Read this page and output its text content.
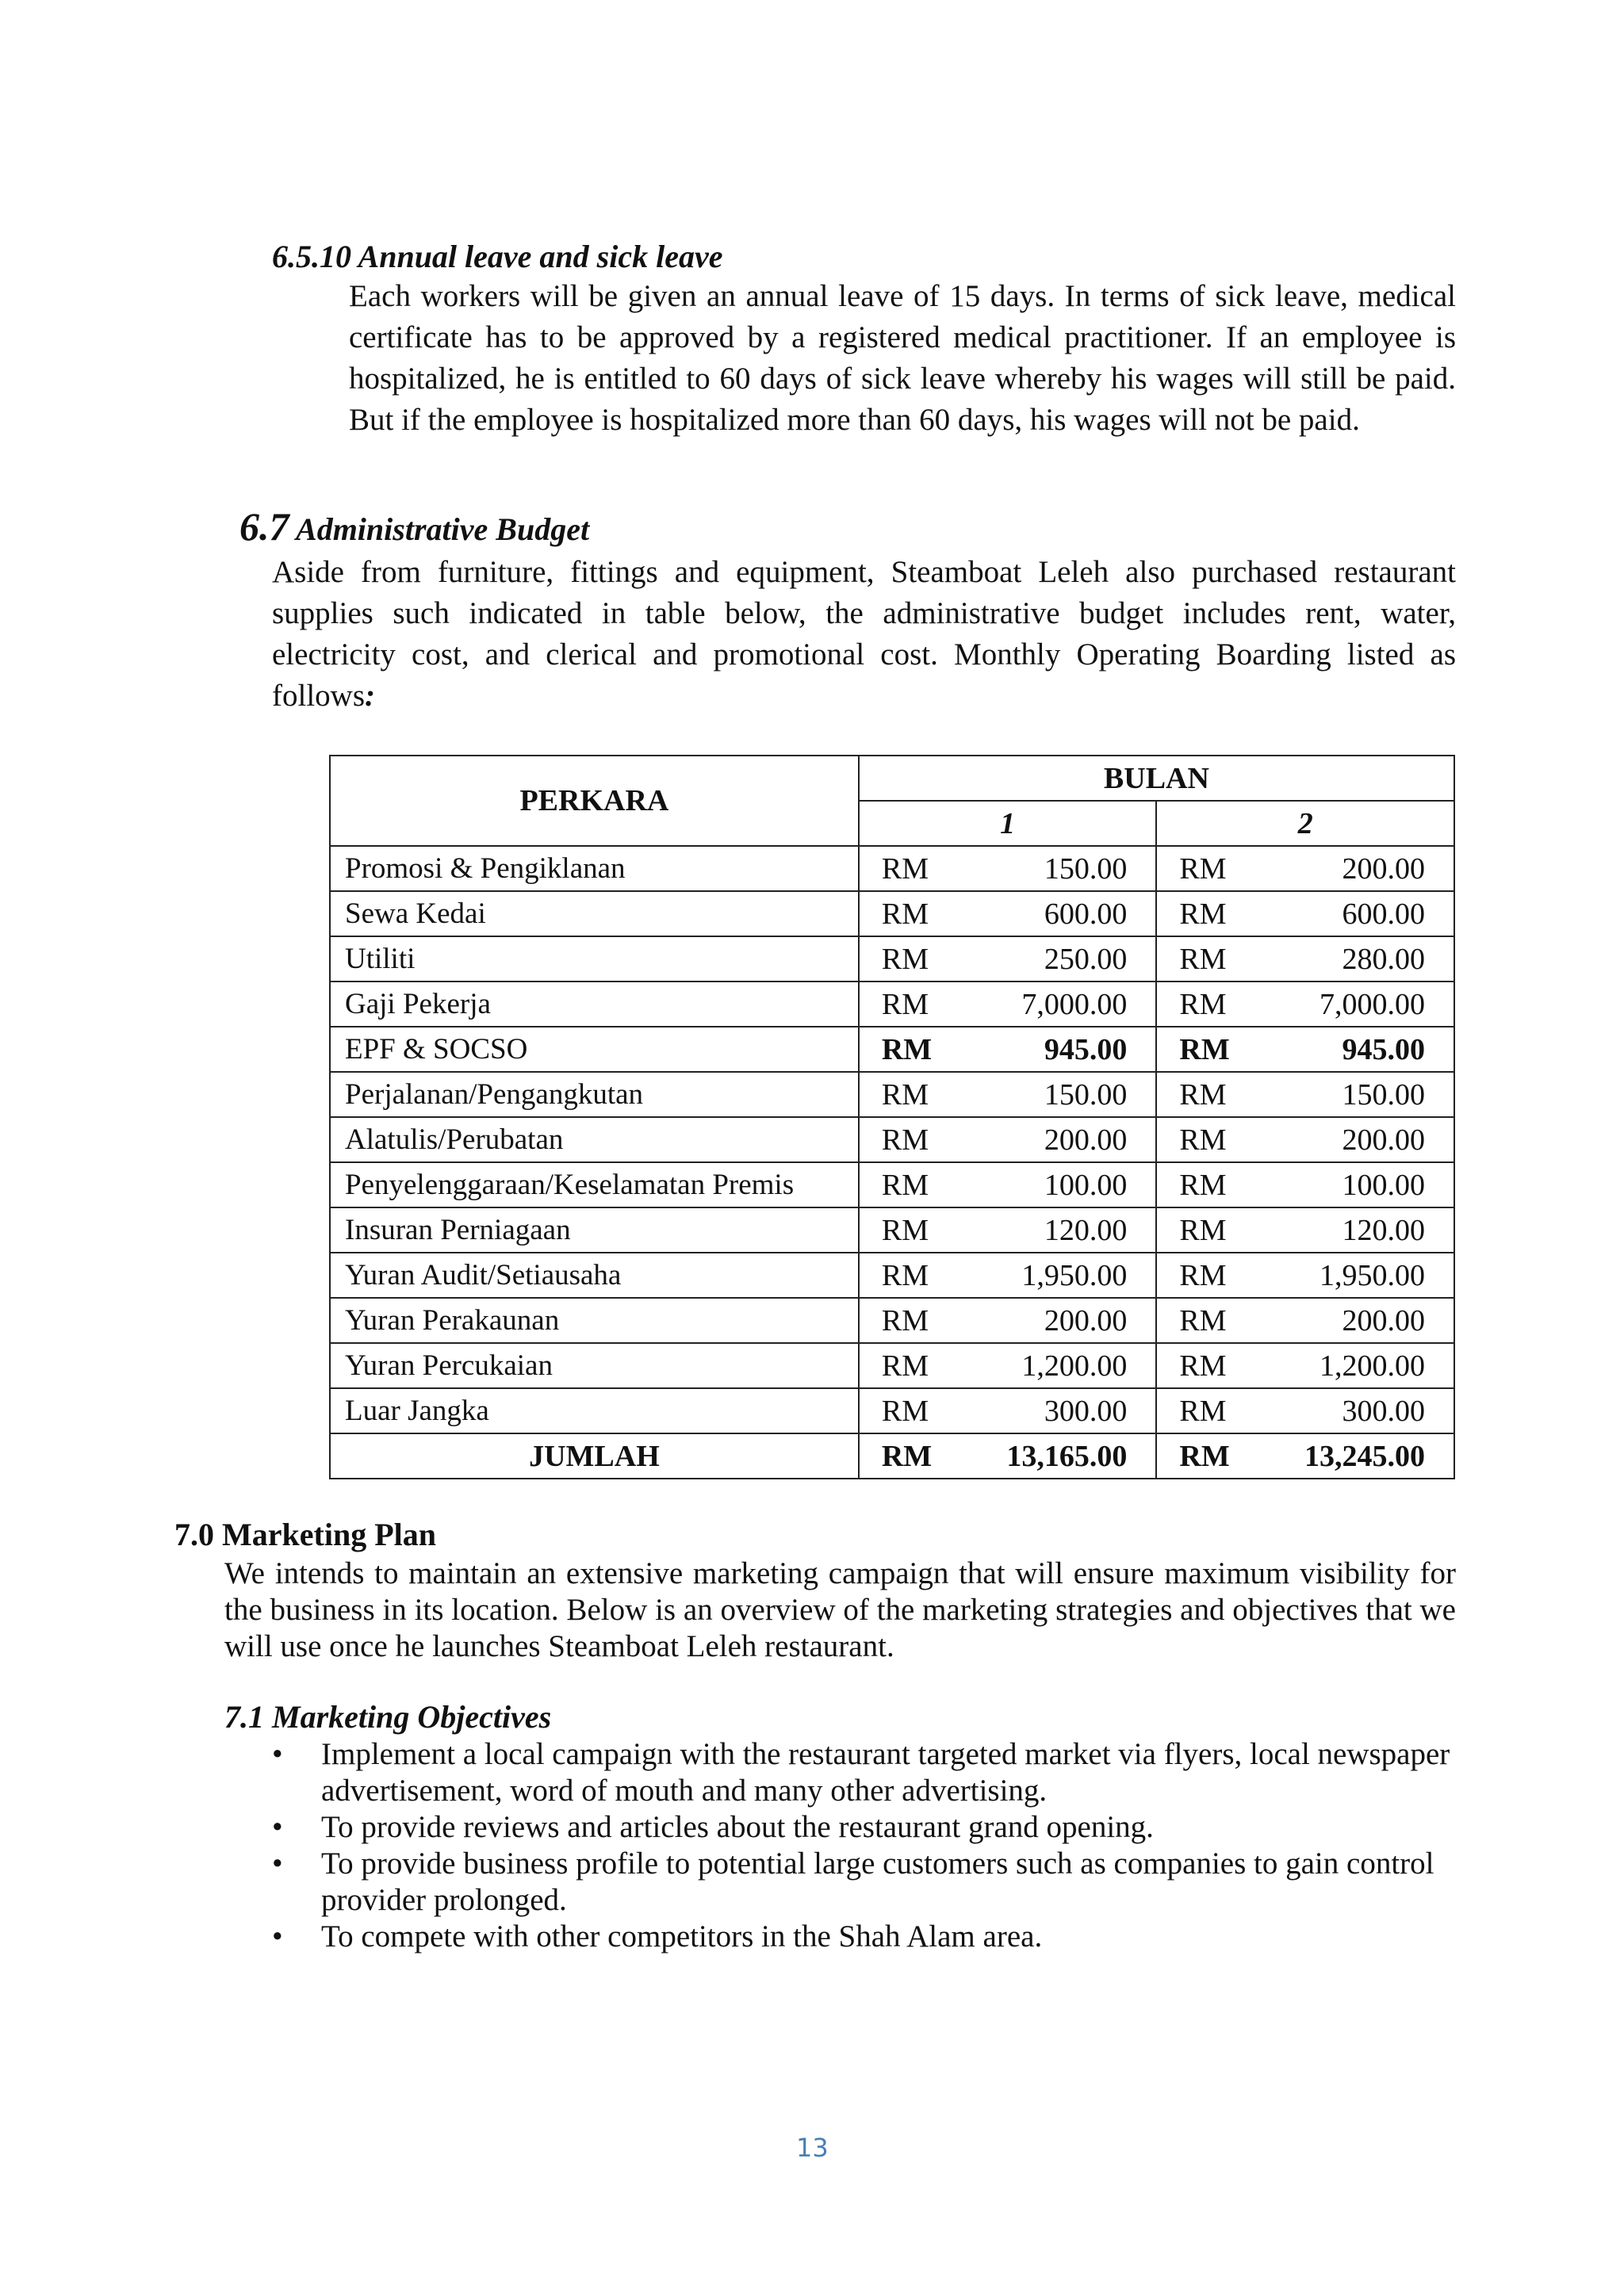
6.5.10 Annual leave and sick leave
Each workers will be given an annual leave of 15 days. In terms of sick leave, medical certificate has to be approved by a registered medical practitioner. If an employee is hospitalized, he is entitled to 60 days of sick leave whereby his wages will still be paid. But if the employee is hospitalized more than 60 days, his wages will not be paid.
6.7 Administrative Budget
Aside from furniture, fittings and equipment, Steamboat Leleh also purchased restaurant supplies such indicated in table below, the administrative budget includes rent, water, electricity cost, and clerical and promotional cost. Monthly Operating Boarding listed as follows:
PERKARA	BULAN	
	1	2
Promosi & Pengiklanan	RM 150.00	RM 200.00

Sewa Kedai	RM 600.00	RM 600.00

Utiliti	RM 250.00	RM 280.00

Gaji Pekerja	RM 7,000.00	RM 7,000.00

EPF & SOCSO	RM 945.00	RM 945.00

Perjalanan/Pengangkutan	RM 150.00	RM 150.00

Alatulis/Perubatan	RM 200.00	RM 200.00

Penyelenggaraan/Keselamatan Premis	RM 100.00	RM 100.00

Insuran Perniagaan	RM 120.00	RM 120.00

Yuran Audit/Setiausaha	RM 1,950.00	RM 1,950.00

Yuran Perakaunan	RM 200.00	RM 200.00

Yuran Percukaian	RM 1,200.00	RM 1,200.00

Luar Jangka	RM 300.00	RM 300.00

JUMLAH	RM 13,165.00	RM 13,245.00
7.0 Marketing Plan
We intends to maintain an extensive marketing campaign that will ensure maximum visibility for the business in its location. Below is an overview of the marketing strategies and objectives that we will use once he launches Steamboat Leleh restaurant.
7.1 Marketing Objectives
• Implement a local campaign with the restaurant targeted market via flyers, local newspaper advertisement, word of mouth and many other advertising.
• To provide reviews and articles about the restaurant grand opening.
• To provide business profile to potential large customers such as companies to gain control provider prolonged.
• To compete with other competitors in the Shah Alam area.
13
